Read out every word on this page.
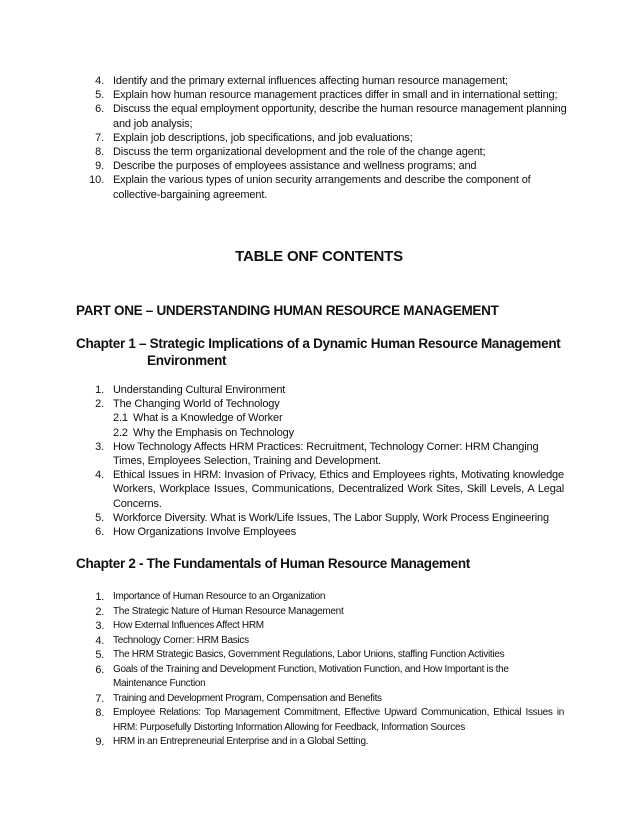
4. Identify and the primary external influences affecting human resource management;
5. Explain how human resource management practices differ in small and in international setting;
6. Discuss the equal employment opportunity, describe the human resource management planning and job analysis;
7. Explain job descriptions, job specifications, and job evaluations;
8. Discuss the term organizational development and the role of the change agent;
9. Describe the purposes of employees assistance and wellness programs; and
10. Explain the various types of union security arrangements and describe the component of collective-bargaining agreement.
TABLE ONF CONTENTS
PART ONE – UNDERSTANDING HUMAN RESOURCE MANAGEMENT
Chapter 1 – Strategic Implications of a Dynamic Human Resource Management
Environment
1. Understanding Cultural Environment
2. The Changing World of Technology
2.1 What is a Knowledge of Worker
2.2 Why the Emphasis on Technology
3. How Technology Affects HRM Practices: Recruitment, Technology Corner: HRM Changing Times, Employees Selection, Training and Development.
4. Ethical Issues in HRM: Invasion of Privacy, Ethics and Employees rights, Motivating knowledge Workers, Workplace Issues, Communications, Decentralized Work Sites, Skill Levels, A Legal Concerns.
5. Workforce Diversity. What is Work/Life Issues, The Labor Supply, Work Process Engineering
6. How Organizations Involve Employees
Chapter 2 - The Fundamentals of Human Resource Management
1. Importance of Human Resource to an Organization
2. The Strategic Nature of Human Resource Management
3. How External Influences Affect HRM
4. Technology Corner: HRM Basics
5. The HRM Strategic Basics, Government Regulations, Labor Unions, staffing Function Activities
6. Goals of the Training and Development Function, Motivation Function, and How Important is the Maintenance Function
7. Training and Development Program, Compensation and Benefits
8. Employee Relations: Top Management Commitment, Effective Upward Communication, Ethical Issues in HRM: Purposefully Distorting Information Allowing for Feedback, Information Sources
9. HRM in an Entrepreneurial Enterprise and in a Global Setting.
